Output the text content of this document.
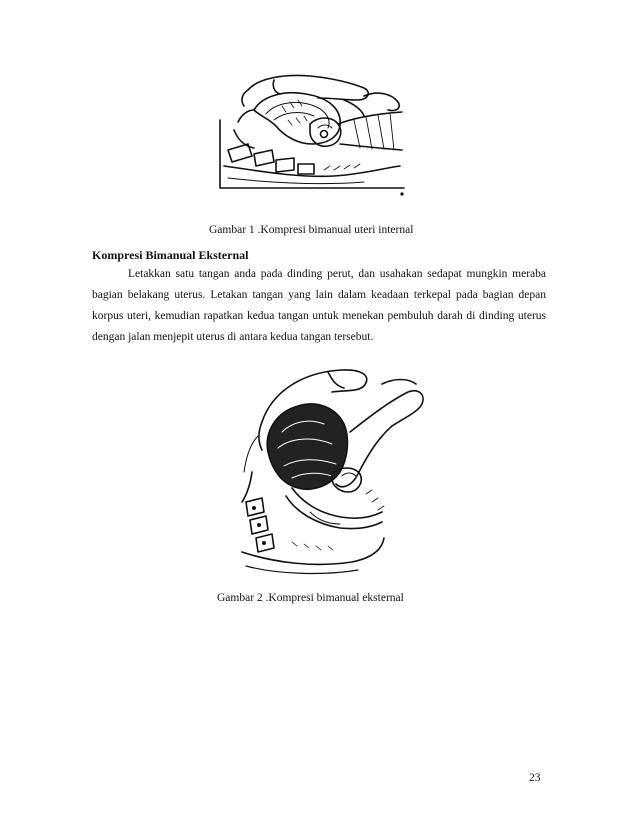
Gambar 1 .Kompresi bimanual uteri internal
Kompresi Bimanual Eksternal

Letakkan satu tangan anda pada dinding perut, dan usahakan sedapat mungkin meraba bagian belakang uterus. Letakan tangan yang lain dalam keadaan terkepal pada bagian depan korpus uteri, kemudian rapatkan kedua tangan untuk menekan pembuluh darah di dinding uterus dengan jalan menjepit uterus di antara kedua tangan tersebut.

Gambar 2 .Kompresi bimanual eksternal
23
